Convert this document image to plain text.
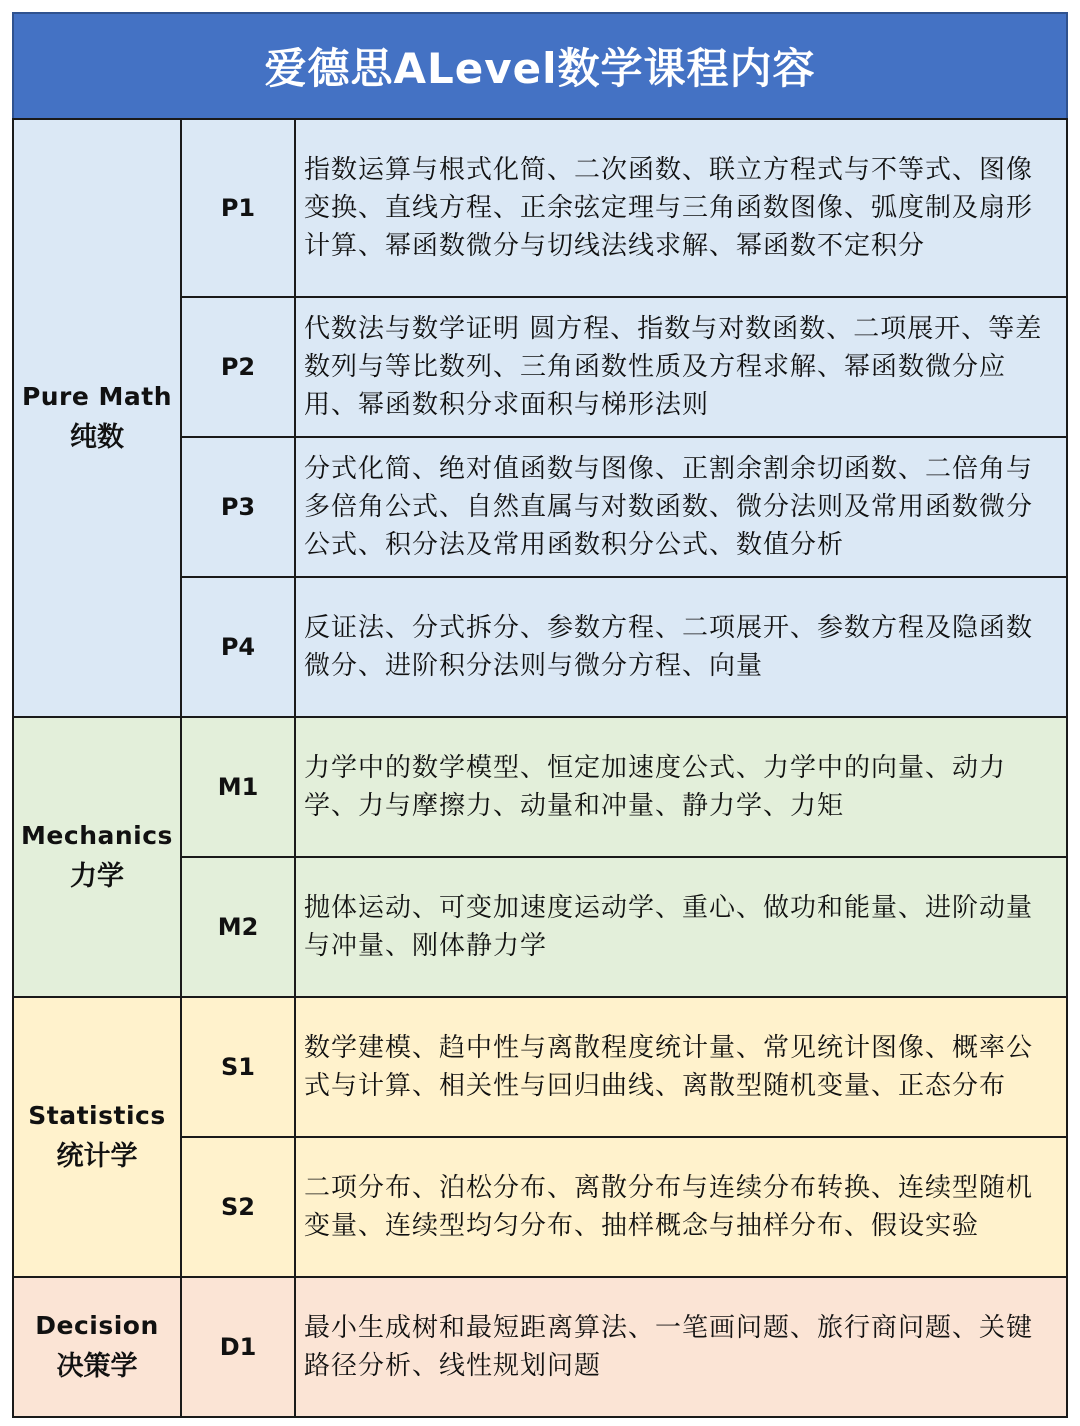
爱德思ALevel数学课程内容
Pure Math
纯数	P1	指数运算与根式化简、二次函数、联立方程式与不等式、图像变换、直线方程、正余弦定理与三角函数图像、弧度制及扇形计算、幂函数微分与切线法线求解、幂函数不定积分
	P2	代数法与数学证明 圆方程、指数与对数函数、二项展开、等差数列与等比数列、三角函数性质及方程求解、幂函数微分应用、幂函数积分求面积与梯形法则
	P3	分式化简、绝对值函数与图像、正割余割余切函数、二倍角与多倍角公式、自然直属与对数函数、微分法则及常用函数微分公式、积分法及常用函数积分公式、数值分析
	P4	反证法、分式拆分、参数方程、二项展开、参数方程及隐函数微分、进阶积分法则与微分方程、向量

Mechanics
力学	M1	力学中的数学模型、恒定加速度公式、力学中的向量、动力学、力与摩擦力、动量和冲量、静力学、力矩
	M2	抛体运动、可变加速度运动学、重心、做功和能量、进阶动量与冲量、刚体静力学

Statistics
统计学	S1	数学建模、趋中性与离散程度统计量、常见统计图像、概率公式与计算、相关性与回归曲线、离散型随机变量、正态分布
	S2	二项分布、泊松分布、离散分布与连续分布转换、连续型随机变量、连续型均匀分布、抽样概念与抽样分布、假设实验

Decision
决策学	D1	最小生成树和最短距离算法、一笔画问题、旅行商问题、关键路径分析、线性规划问题
